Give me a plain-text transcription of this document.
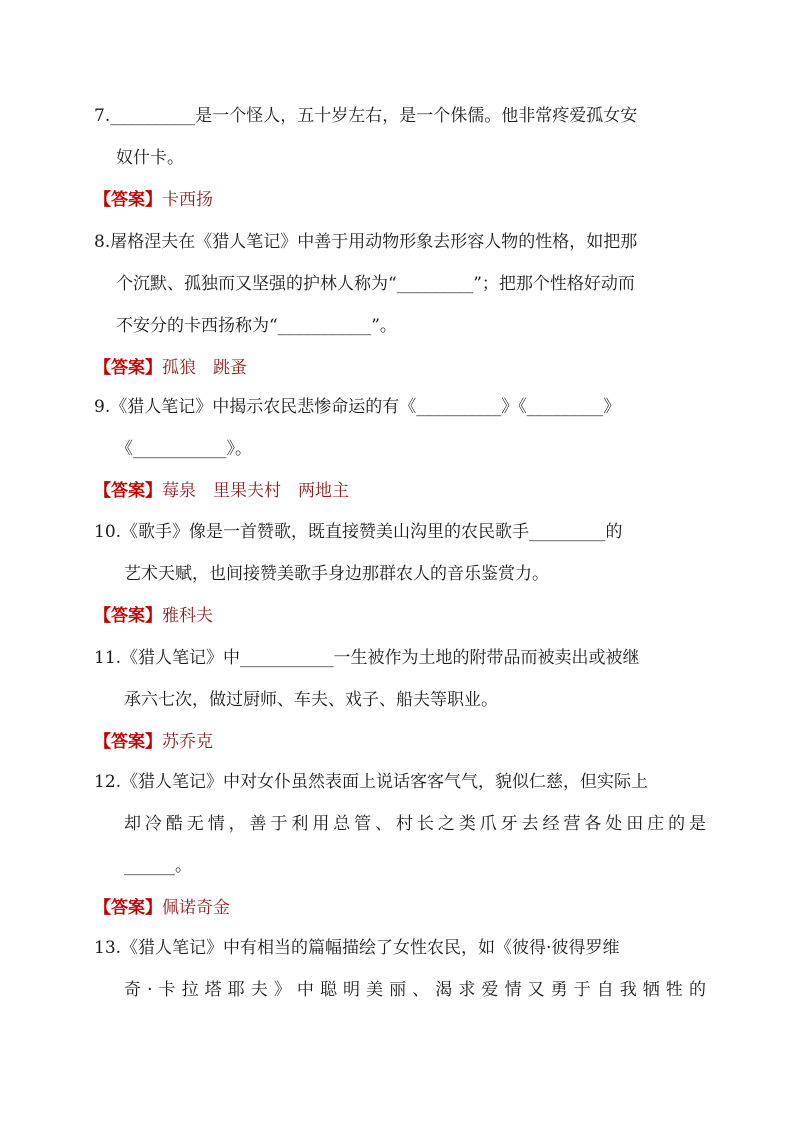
7.__________是一个怪人，五十岁左右，是一个侏儒。他非常疼爱孤女安
奴什卡。

【答案】卡西扬

8.屠格涅夫在《猎人笔记》中善于用动物形象去形容人物的性格，如把那
个沉默、孤独而又坚强的护林人称为“_________”；把那个性格好动而
不安分的卡西扬称为“___________”。

【答案】孤狼　跳蚤

9.《猎人笔记》中揭示农民悲惨命运的有《__________》《_________》
《___________》。

【答案】莓泉　里果夫村　两地主

10.《歌手》像是一首赞歌，既直接赞美山沟里的农民歌手_________的
艺术天赋，也间接赞美歌手身边那群农人的音乐鉴赏力。

【答案】雅科夫

11.《猎人笔记》中___________一生被作为土地的附带品而被卖出或被继
承六七次，做过厨师、车夫、戏子、船夫等职业。

【答案】苏乔克

12.《猎人笔记》中对女仆虽然表面上说话客客气气，貌似仁慈，但实际上
却冷酷无情，善于利用总管、村长之类爪牙去经营各处田庄的是
______。

【答案】佩诺奇金

13.《猎人笔记》中有相当的篇幅描绘了女性农民，如《彼得·彼得罗维
奇·卡拉塔耶夫》中聪明美丽、渴求爱情又勇于自我牺牲的
